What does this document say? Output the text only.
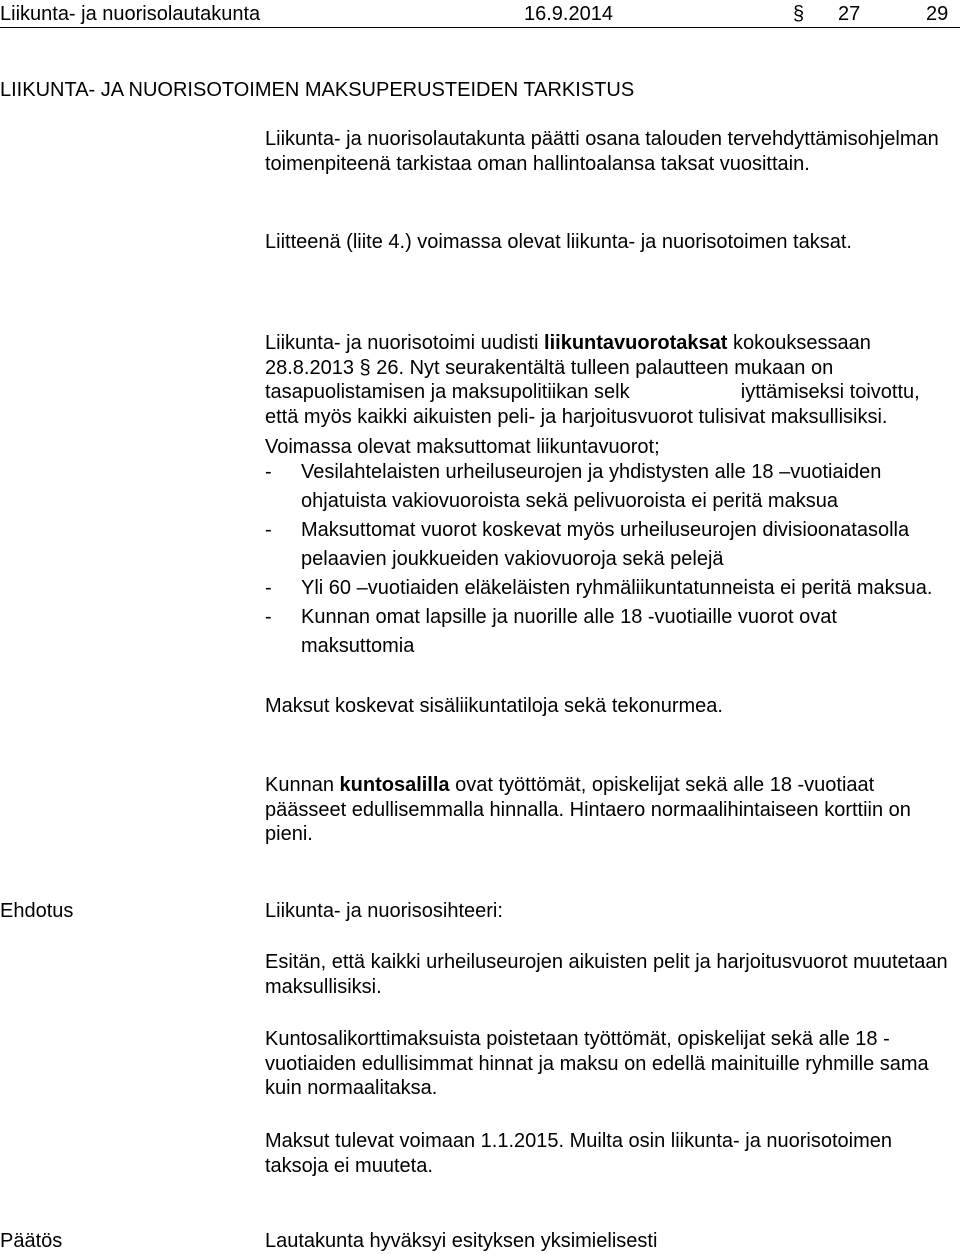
Liikunta- ja nuorisolautakunta	16.9.2014	§ 27	29
LIIKUNTA- JA NUORISOTOIMEN MAKSUPERUSTEIDEN TARKISTUS

Liikunta- ja nuorisolautakunta päätti osana talouden tervehdyttämisohjelman toimenpiteenä tarkistaa oman hallintoalansa taksat vuosittain.

Liitteenä (liite 4.) voimassa olevat liikunta- ja nuorisotoimen taksat.

Liikunta- ja nuorisotoimi uudisti liikuntavuorotaksat kokouksessaan 28.8.2013 § 26. Nyt seurakentältä tulleen palautteen mukaan on tasapuolistamisen ja maksupolitiikan selk                    iyttämiseksi toivottu, että myös kaikki aikuisten peli- ja harjoitusvuorot tulisivat maksullisiksi.

Voimassa olevat maksuttomat liikuntavuorot;
-	Vesilahtelaisten urheiluseurojen ja yhdistysten alle 18 –vuotiaiden ohjatuista vakiovuoroista sekä pelivuoroista ei peritä maksua
-	Maksuttomat vuorot koskevat myös urheiluseurojen divisioonatasolla pelaavien joukkueiden vakiovuoroja sekä pelejä
-	Yli 60 –vuotiaiden eläkeläisten ryhmäliikuntatunneista ei peritä maksua.
-	Kunnan omat lapsille ja nuorille alle 18 -vuotiaille vuorot ovat maksuttomia
Maksut koskevat sisäliikuntatiloja sekä tekonurmea.

Kunnan kuntosalilla ovat työttömät, opiskelijat sekä alle 18 -vuotiaat päässeet edullisemmalla hinnalla. Hintaero normaalihintaiseen korttiin on pieni.

Ehdotus	Liikunta- ja nuorisosihteeri:

Esitän, että kaikki urheiluseurojen aikuisten pelit ja harjoitusvuorot muutetaan maksullisiksi.

Kuntosalikorttimaksuista poistetaan työttömät, opiskelijat sekä alle 18 -vuotiaiden edullisimmat hinnat ja maksu on edellä mainituille ryhmille sama kuin normaalitaksa.

Maksut tulevat voimaan 1.1.2015. Muilta osin liikunta- ja nuorisotoimen taksoja ei muuteta.

Päätös	Lautakunta hyväksyi esityksen yksimielisesti
